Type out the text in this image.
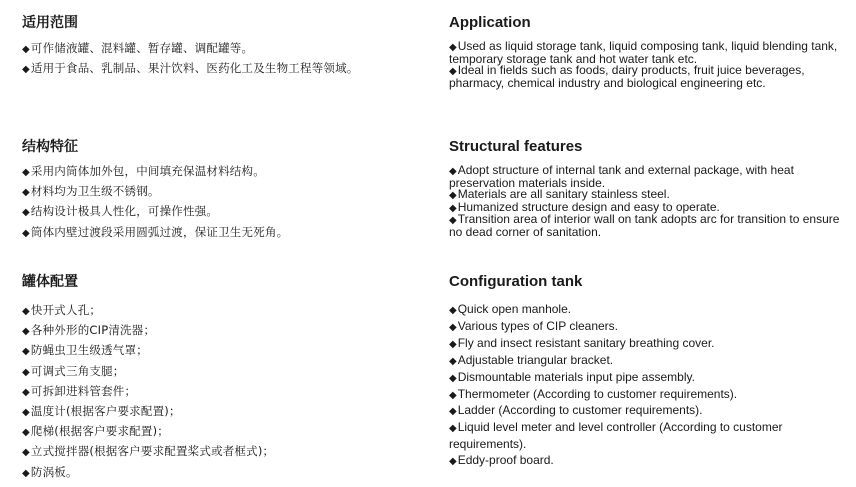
适用范围
◆可作储液罐、混料罐、暂存罐、调配罐等。
◆适用于食品、乳制品、果汁饮料、医药化工及生物工程等领域。
结构特征
◆采用内筒体加外包，中间填充保温材料结构。
◆材料均为卫生级不锈钢。
◆结构设计极具人性化，可操作性强。
◆筒体内壁过渡段采用圆弧过渡，保证卫生无死角。
罐体配置
◆快开式人孔；
◆各种外形的CIP清洗器；
◆防蝇虫卫生级透气罩；
◆可调式三角支腿；
◆可拆卸进料管套件；
◆温度计(根据客户要求配置)；
◆爬梯(根据客户要求配置)；
◆立式搅拌器(根据客户要求配置桨式或者框式)；
◆防涡板。
Application
◆Used as liquid storage tank, liquid composing tank, liquid blending tank, temporary storage tank and hot water tank etc.
◆Ideal in fields such as foods, dairy products, fruit juice beverages, pharmacy, chemical industry and biological engineering etc.
Structural features
◆Adopt structure of internal tank and external package, with heat preservation materials inside.
◆Materials are all sanitary stainless steel.
◆Humanized structure design and easy to operate.
◆Transition area of interior wall on tank adopts arc for transition to ensure no dead corner of sanitation.
Configuration tank
◆Quick open manhole.
◆Various types of CIP cleaners.
◆Fly and insect resistant sanitary breathing cover.
◆Adjustable triangular bracket.
◆Dismountable materials input pipe assembly.
◆Thermometer (According to customer requirements).
◆Ladder (According to customer requirements).
◆Liquid level meter and level controller (According to customer requirements).
◆Eddy-proof board.
